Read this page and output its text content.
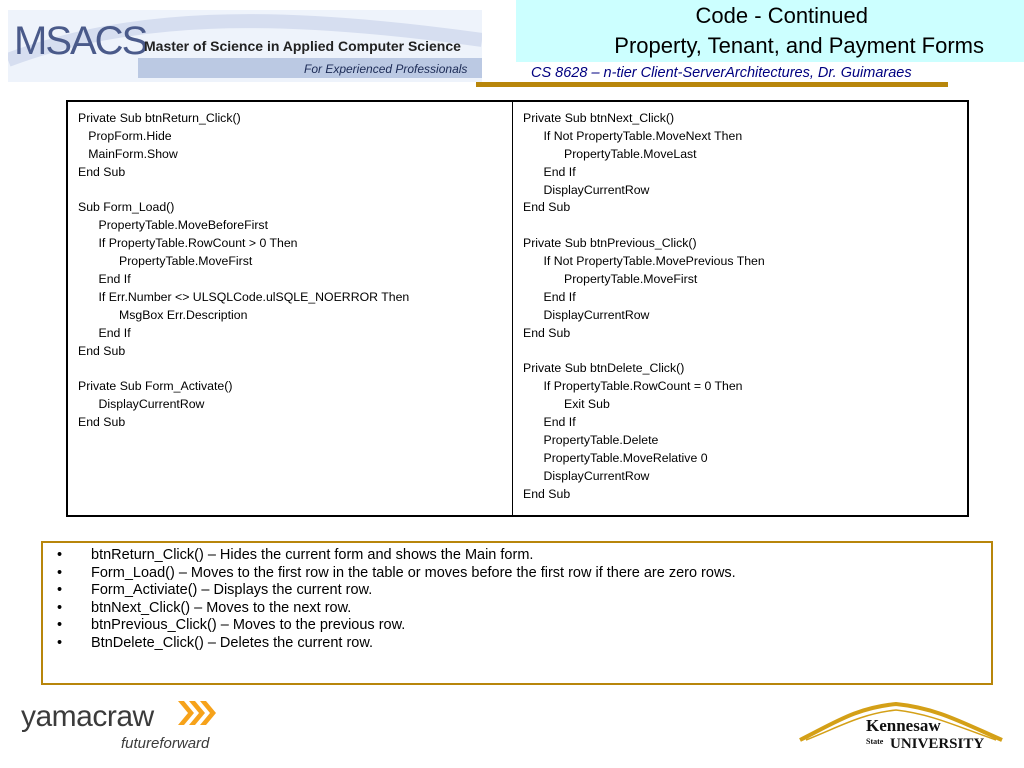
MSACS
Master of Science in Applied Computer Science
For Experienced Professionals
Code - Continued
Property, Tenant, and Payment Forms
CS 8628 – n-tier Client-ServerArchitectures, Dr. Guimaraes
Private Sub btnReturn_Click()
PropForm.Hide
MainForm.Show
End Sub
Sub Form_Load()
PropertyTable.MoveBeforeFirst
If PropertyTable.RowCount > 0 Then
PropertyTable.MoveFirst
End If
If Err.Number <> ULSQLCode.ulSQLE_NOERROR Then
MsgBox Err.Description
End If
End Sub
Private Sub Form_Activate()
DisplayCurrentRow
End Sub
Private Sub btnNext_Click()
If Not PropertyTable.MoveNext Then
PropertyTable.MoveLast
End If
DisplayCurrentRow
End Sub
Private Sub btnPrevious_Click()
If Not PropertyTable.MovePrevious Then
PropertyTable.MoveFirst
End If
DisplayCurrentRow
End Sub
Private Sub btnDelete_Click()
If PropertyTable.RowCount = 0 Then
Exit Sub
End If
PropertyTable.Delete
PropertyTable.MoveRelative 0
DisplayCurrentRow
End Sub
•	btnReturn_Click() – Hides the current form and shows the Main form.
•	Form_Load() – Moves to the first row in the table or moves before the first row if there are zero rows.
•	Form_Activiate() – Displays the current row.
•	btnNext_Click() – Moves to the next row.
•	btnPrevious_Click() – Moves to the previous row.
•	BtnDelete_Click() – Deletes the current row.
yamacraw
futureforward
Kennesaw
State UNIVERSITY
